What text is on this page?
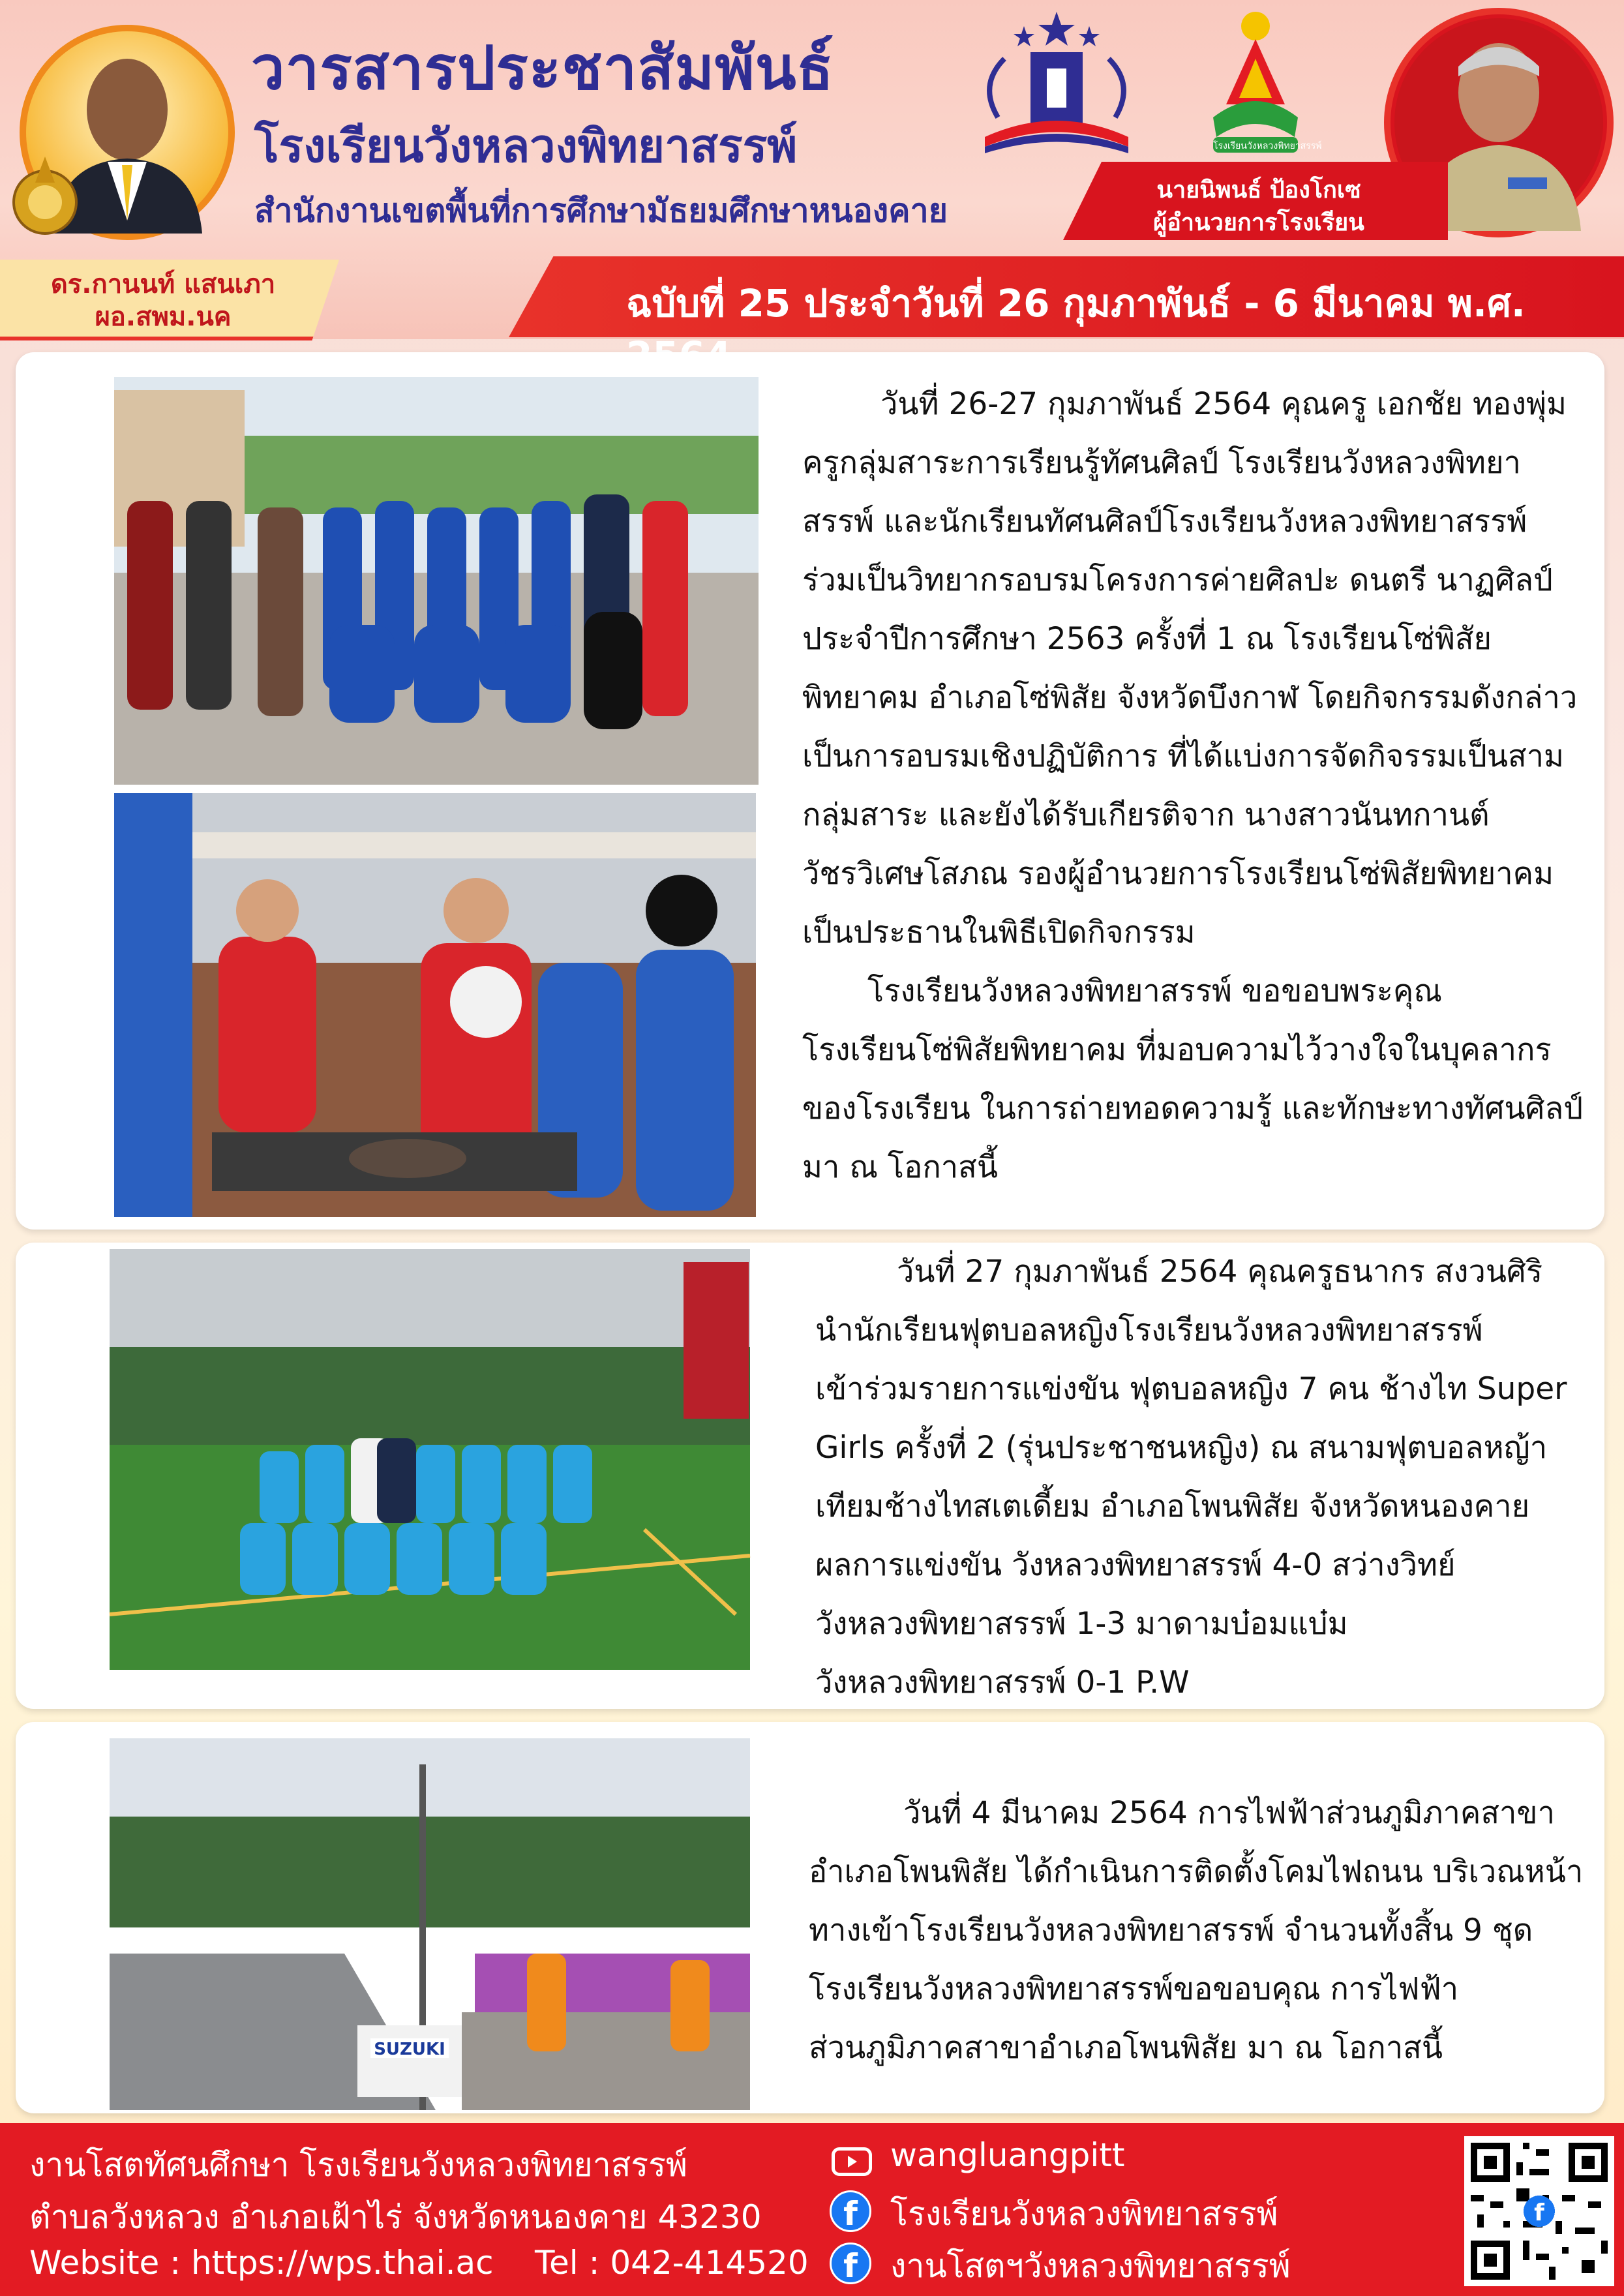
วารสารประชาสัมพันธ์
โรงเรียนวังหลวงพิทยาสรรพ์
สำนักงานเขตพื้นที่การศึกษามัธยมศึกษาหนองคาย
โรงเรียนวังหลวงพิทยาสรรพ์
นายนิพนธ์ ป้องโกเซ
ผู้อำนวยการโรงเรียน
ดร.กานนท์ แสนเภา
ผอ.สพม.นค	ฉบับที่ 25 ประจำวันที่ 26 กุมภาพันธ์ - 6 มีนาคม พ.ศ.
วันที่ 26-27 กุมภาพันธ์ 2564 คุณครู เอกชัย ทองพุ่ม
ครูกลุ่มสาระการเรียนรู้ทัศนศิลป์ โรงเรียนวังหลวงพิทยา
สรรพ์ และนักเรียนทัศนศิลป์โรงเรียนวังหลวงพิทยาสรรพ์
ร่วมเป็นวิทยากรอบรมโครงการค่ายศิลปะ ดนตรี นาฏศิลป์
ประจำปีการศึกษา 2563 ครั้งที่ 1 ณ โรงเรียนโซ่พิสัย
พิทยาคม อำเภอโซ่พิสัย จังหวัดบึงกาฬ โดยกิจกรรมดังกล่าว
เป็นการอบรมเชิงปฏิบัติการ ที่ได้แบ่งการจัดกิจรรมเป็นสาม
กลุ่มสาระ และยังได้รับเกียรติจาก นางสาวนันทกานต์
วัชรวิเศษโสภณ รองผู้อำนวยการโรงเรียนโซ่พิสัยพิทยาคม
เป็นประธานในพิธีเปิดกิจกรรม
โรงเรียนวังหลวงพิทยาสรรพ์ ขอขอบพระคุณ
โรงเรียนโซ่พิสัยพิทยาคม ที่มอบความไว้วางใจในบุคลากร
ของโรงเรียน ในการถ่ายทอดความรู้ และทักษะทางทัศนศิลป์
มา ณ โอกาสนี้
วันที่ 27 กุมภาพันธ์ 2564 คุณครูธนากร สงวนศิริ
นำนักเรียนฟุตบอลหญิงโรงเรียนวังหลวงพิทยาสรรพ์
เข้าร่วมรายการแข่งขัน ฟุตบอลหญิง 7 คน ช้างไท Super
Girls ครั้งที่ 2 (รุ่นประชาชนหญิง) ณ สนามฟุตบอลหญ้า
เทียมช้างไทสเตเดี้ยม อำเภอโพนพิสัย จังหวัดหนองคาย
ผลการแข่งขัน วังหลวงพิทยาสรรพ์ 4-0 สว่างวิทย์
วังหลวงพิทยาสรรพ์ 1-3 มาดามบ๋อมแบ๋ม
วังหลวงพิทยาสรรพ์ 0-1 P.W
SUZUKI
วันที่ 4 มีนาคม 2564 การไฟฟ้าส่วนภูมิภาคสาขา
อำเภอโพนพิสัย ได้กำเนินการติดตั้งโคมไฟถนน บริเวณหน้า
ทางเข้าโรงเรียนวังหลวงพิทยาสรรพ์ จำนวนทั้งสิ้น 9 ชุด
โรงเรียนวังหลวงพิทยาสรรพ์ขอขอบคุณ การไฟฟ้า
ส่วนภูมิภาคสาขาอำเภอโพนพิสัย มา ณ โอกาสนี้
งานโสตทัศนศึกษา โรงเรียนวังหลวงพิทยาสรรพ์
ตำบลวังหลวง อำเภอเฝ้าไร่ จังหวัดหนองคาย 43230
Website : https://wps.thai.ac Tel : 042-414520
wangluangpitt
f	โรงเรียนวังหลวงพิทยาสรรพ์
f	งานโสตฯวังหลวงพิทยาสรรพ์
f
